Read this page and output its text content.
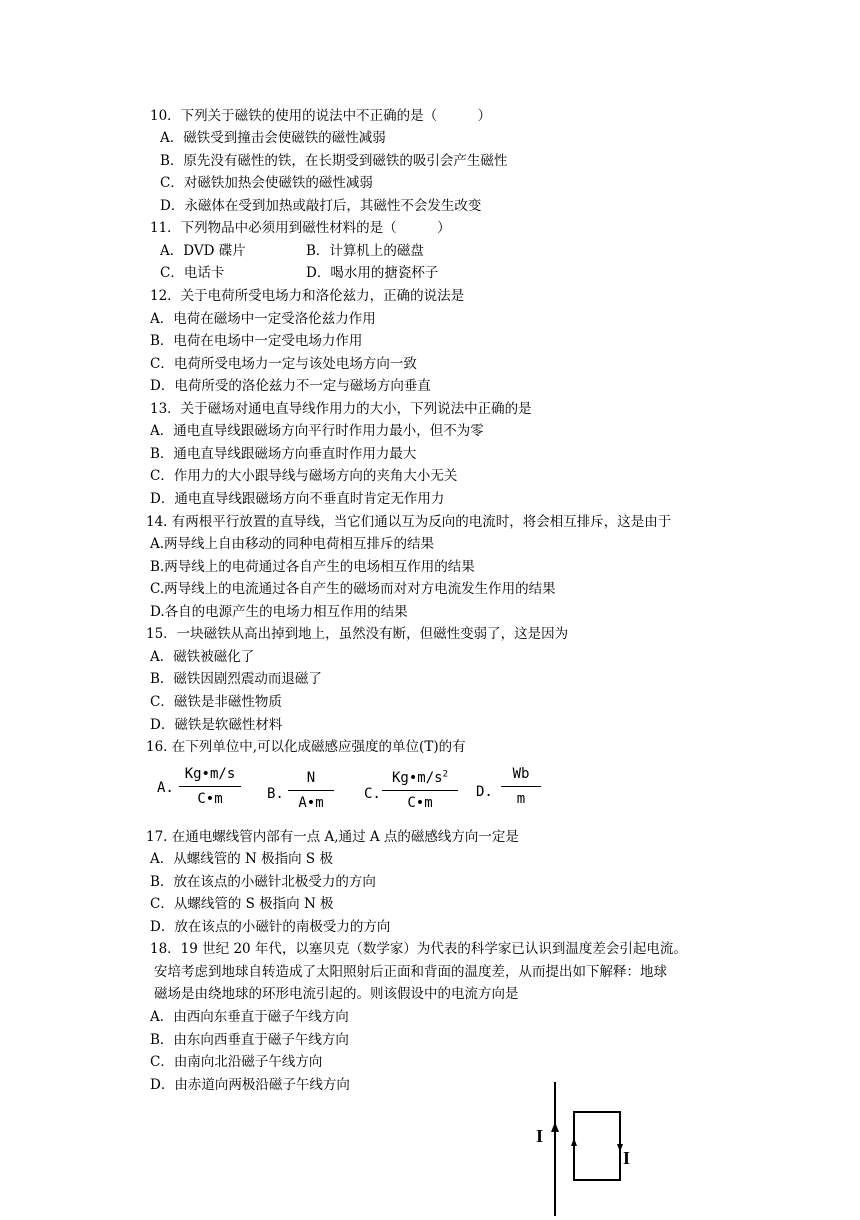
10．下列关于磁铁的使用的说法中不正确的是（　　　）
A．磁铁受到撞击会使磁铁的磁性减弱
B．原先没有磁性的铁，在长期受到磁铁的吸引会产生磁性
C．对磁铁加热会使磁铁的磁性减弱
D．永磁体在受到加热或敲打后，其磁性不会发生改变
11．下列物品中必须用到磁性材料的是（　　　）
A．DVD 碟片	B．计算机上的磁盘
C．电话卡	D．喝水用的搪瓷杯子
12．关于电荷所受电场力和洛伦兹力，正确的说法是
A．电荷在磁场中一定受洛伦兹力作用
B．电荷在电场中一定受电场力作用
C．电荷所受电场力一定与该处电场方向一致
D．电荷所受的洛伦兹力不一定与磁场方向垂直
13．关于磁场对通电直导线作用力的大小，下列说法中正确的是
A．通电直导线跟磁场方向平行时作用力最小，但不为零
B．通电直导线跟磁场方向垂直时作用力最大
C．作用力的大小跟导线与磁场方向的夹角大小无关
D．通电直导线跟磁场方向不垂直时肯定无作用力
14. 有两根平行放置的直导线，当它们通以互为反向的电流时，将会相互排斥，这是由于
A.两导线上自由移动的同种电荷相互排斥的结果
B.两导线上的电荷通过各自产生的电场相互作用的结果
C.两导线上的电流通过各自产生的磁场而对对方电流发生作用的结果
D.各自的电源产生的电场力相互作用的结果
15．一块磁铁从高出掉到地上，虽然没有断，但磁性变弱了，这是因为
A．磁铁被磁化了
B．磁铁因剧烈震动而退磁了
C．磁铁是非磁性物质
D．磁铁是软磁性材料
16. 在下列单位中,可以化成磁感应强度的单位(T)的有
A.
Kg•m/s
C•m	B.
N
A•m
C.
$Kg•m/s^2$
C•m
D.
Wb
m
17. 在通电螺线管内部有一点 A,通过 A 点的磁感线方向一定是
A．从螺线管的 N 极指向 S 极
B．放在该点的小磁针北极受力的方向
C．从螺线管的 S 极指向 N 极
D．放在该点的小磁针的南极受力的方向
18．19 世纪 20 年代，以塞贝克（数学家）为代表的科学家已认识到温度差会引起电流。
安培考虑到地球自转造成了太阳照射后正面和背面的温度差，从而提出如下解释：地球
磁场是由绕地球的环形电流引起的。则该假设中的电流方向是
A．由西向东垂直于磁子午线方向
B．由东向西垂直于磁子午线方向
C．由南向北沿磁子午线方向
D．由赤道向两极沿磁子午线方向
I
I
